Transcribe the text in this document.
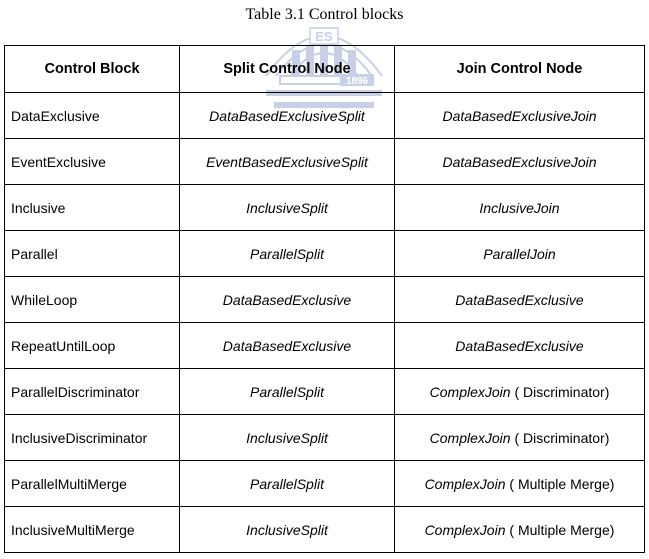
ES
1896
Table 3.1 Control blocks
Control Block	Split Control Node	Join Control Node
DataExclusive	DataBasedExclusiveSplit	DataBasedExclusiveJoin
EventExclusive	EventBasedExclusiveSplit	DataBasedExclusiveJoin
Inclusive	InclusiveSplit	InclusiveJoin
Parallel	ParallelSplit	ParallelJoin
WhileLoop	DataBasedExclusive	DataBasedExclusive
RepeatUntilLoop	DataBasedExclusive	DataBasedExclusive
ParallelDiscriminator	ParallelSplit	ComplexJoin ( Discriminator)
InclusiveDiscriminator	InclusiveSplit	ComplexJoin ( Discriminator)
ParallelMultiMerge	ParallelSplit	ComplexJoin ( Multiple Merge)
InclusiveMultiMerge	InclusiveSplit	ComplexJoin ( Multiple Merge)
